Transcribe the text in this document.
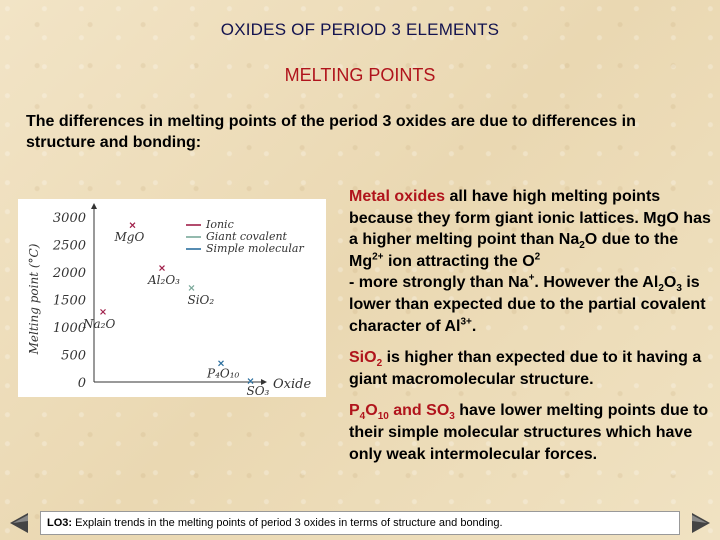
OXIDES OF PERIOD 3 ELEMENTS
MELTING POINTS
The differences in melting points of the period 3 oxides are due to differences in structure and bonding:
3000
2500
2000
1500
1000
500
0
Melting point (°C)
Oxide
Ionic
Giant covalent
Simple molecular
Na₂O
MgO
Al₂O₃
SiO₂
P₄O₁₀
SO₃

Metal oxides all have high melting points because they form giant ionic lattices. MgO has a higher melting point than $Na_2O$ due to the $Mg^{2+}$ ion attracting the $O^2$
- more strongly than Na+. However the $Al_2O_3$ is lower than expected due to the partial covalent character of $Al^{3+}$.

SiO$_2$ is higher than expected due to it having a giant macromolecular structure.

$P_4O_{10}$ and $SO_3$ have lower melting points due to their simple molecular structures which have only weak intermolecular forces.

LO3: Explain trends in the melting points of period 3 oxides in terms of structure and bonding.
